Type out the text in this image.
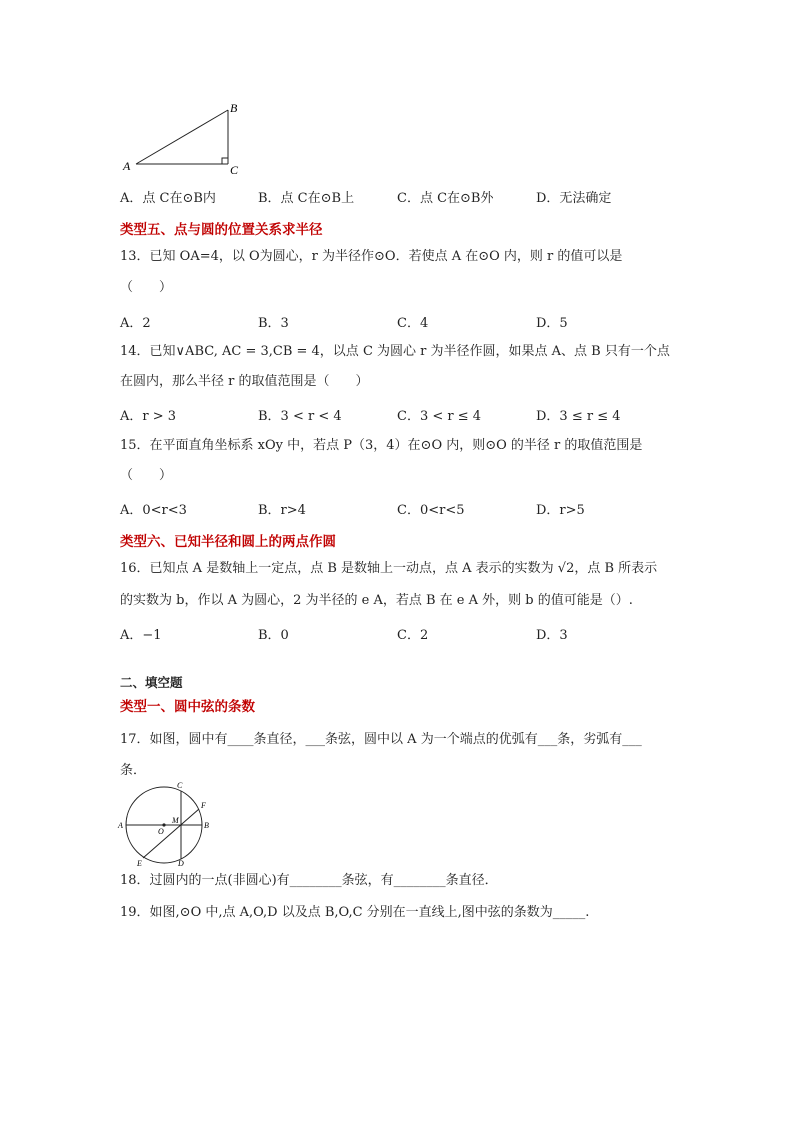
A
B
C
A．点 C在⊙B内	B．点 C在⊙B上	C．点 C在⊙B外	D．无法确定
类型五、点与圆的位置关系求半径
13．已知 OA=4，以 O为圆心，r 为半径作⊙O．若使点 A 在⊙O 内，则 r 的值可以是
（　　）
A．2	B．3	C．4	D．5
14．已知∨ABC, AC = 3,CB = 4，以点 C 为圆心 r 为半径作圆，如果点 A、点 B 只有一个点
在圆内，那么半径 r 的取值范围是（　　）
A．r > 3	B．3 < r < 4	C．3 < r ≤ 4	D．3 ≤ r ≤ 4
15．在平面直角坐标系 xOy 中，若点 P（3，4）在⊙O 内，则⊙O 的半径 r 的取值范围是
（　　）
A．0<r<3	B．r>4	C．0<r<5	D．r>5
类型六、已知半径和圆上的两点作圆
16．已知点 A 是数轴上一定点，点 B 是数轴上一动点，点 A 表示的实数为 √2，点 B 所表示
的实数为 b，作以 A 为圆心，2 为半径的 e A，若点 B 在 e A 外，则 b 的值可能是（）.
A．−1	B．0	C．2	D．3
二、填空题
类型一、圆中弦的条数
17．如图，圆中有____条直径，___条弦，圆中以 A 为一个端点的优弧有___条，劣弧有___
条．
A	B
C
D
E
F
M
O
18．过圆内的一点(非圆心)有________条弦，有________条直径．
19．如图,⊙O 中,点 A,O,D 以及点 B,O,C 分别在一直线上,图中弦的条数为_____.
